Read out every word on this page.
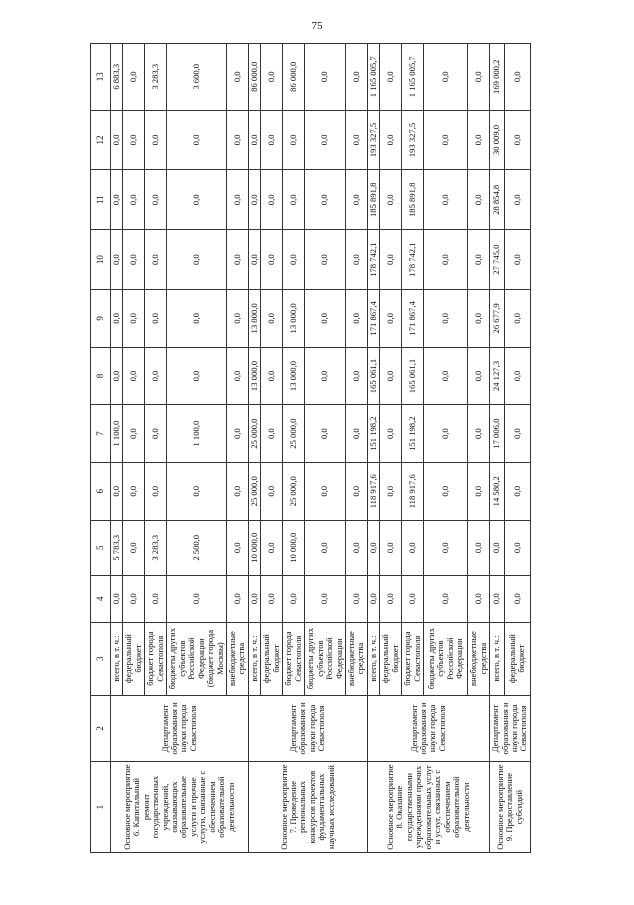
75
1	2	3	4	5	6	7	8	9	10	11	12	13
Основное мероприятие 6. Капитальный ремонт государственных учреждений, оказывающих образовательные услуги и прочие услуги, связанные с обеспечением образовательной деятельности	Департамент образования и науки города Севастополя	всего, в т. ч.:	0,0	5 783,3	0,0	1 100,0	0,0	0,0	0,0	0,0	0,0	6 883,3
		федеральный бюджет	0,0	0,0	0,0	0,0	0,0	0,0	0,0	0,0	0,0	0,0
		бюджет города Севастополя	0,0	3 283,3	0,0	0,0	0,0	0,0	0,0	0,0	0,0	3 283,3
		бюджеты других субъектов Российской Федерации (бюджет города Москвы)	0,0	2 500,0	0,0	1 100,0	0,0	0,0	0,0	0,0	0,0	3 600,0
		внебюджетные средства	0,0	0,0	0,0	0,0	0,0	0,0	0,0	0,0	0,0	0,0
Основное мероприятие 7. Проведение региональных конкурсов проектов фундаментальных научных исследований	Департамент образования и науки города Севастополя	всего, в т. ч.:	0,0	10 000,0	25 000,0	25 000,0	13 000,0	13 000,0	0,0	0,0	0,0	86 000,0
		федеральный бюджет	0,0	0,0	0,0	0,0	0,0	0,0	0,0	0,0	0,0	0,0
		бюджет города Севастополя	0,0	10 000,0	25 000,0	25 000,0	13 000,0	13 000,0	0,0	0,0	0,0	86 000,0
		бюджеты других субъектов Российской Федерации	0,0	0,0	0,0	0,0	0,0	0,0	0,0	0,0	0,0	0,0
		внебюджетные средства	0,0	0,0	0,0	0,0	0,0	0,0	0,0	0,0	0,0	0,0
Основное мероприятие 8. Оказание государственными учреждениями прочих образовательных услуг и услуг, связанных с обеспечением образовательной деятельности	Департамент образования и науки города Севастополя	всего, в т. ч.:	0,0	0,0	118 917,6	151 198,2	165 061,1	171 867,4	178 742,1	185 891,8	193 327,5	1 165 005,7
		федеральный бюджет	0,0	0,0	0,0	0,0	0,0	0,0	0,0	0,0	0,0	0,0
		бюджет города Севастополя	0,0	0,0	118 917,6	151 198,2	165 061,1	171 867,4	178 742,1	185 891,8	193 327,5	1 165 005,7
		бюджеты других субъектов Российской Федерации	0,0	0,0	0,0	0,0	0,0	0,0	0,0	0,0	0,0	0,0
		внебюджетные средства	0,0	0,0	0,0	0,0	0,0	0,0	0,0	0,0	0,0	0,0
Основное мероприятие 9. Предоставление субсидий	Департамент образования и науки города Севастополя	всего, в т. ч.:	0,0	0,0	14 580,2	17 006,0	24 127,3	26 677,9	27 745,0	28 854,8	30 009,0	169 000,2
		федеральный бюджет	0,0	0,0	0,0	0,0	0,0	0,0	0,0	0,0	0,0	0,0
